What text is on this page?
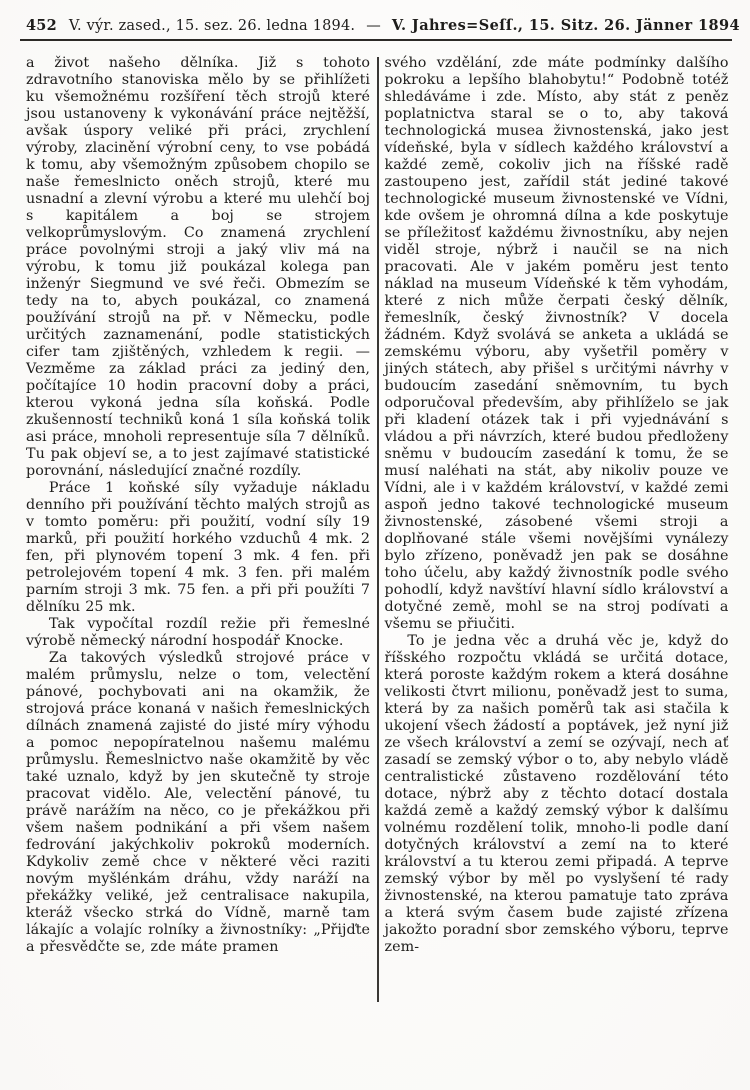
452 V. výr. zased., 15. sez. 26. ledna 1894. — V. Jahres=Seſſ., 15. Sitz. 26. Jänner 1894

a život našeho dělníka. Již s tohoto zdravotního stanoviska mělo by se přihlížeti ku všemožnému rozšíření těch strojů které jsou ustanoveny k vykonávání práce nejtěžší, avšak úspory veliké při práci, zrychlení výroby, zlacinění výrobní ceny, to vse pobádá k tomu, aby všemožným způsobem chopilo se naše řemeslnicto oněch strojů, které mu usnadní a zlevní výrobu a které mu ulehčí boj s kapitálem a boj se strojem velkoprůmyslovým. Co znamená zrychlení práce povolnými stroji a jaký vliv má na výrobu, k tomu již poukázal kolega pan inženýr Siegmund ve své řeči. Obmezím se tedy na to, abych poukázal, co znamená používání strojů na př. v Německu, podle určitých zaznamenání, podle statistických cifer tam zjištěných, vzhledem k regii. — Vezměme za základ práci za jediný den, počítajíce 10 hodin pracovní doby a práci, kterou vykoná jedna síla koňská. Podle zkušenností techniků koná 1 síla koňská tolik asi práce, mnoholi representuje síla 7 dělníků. Tu pak objeví se, a to jest zajímavé statistické porovnání, následující značné rozdíly.

Práce 1 koňské síly vyžaduje nákladu denního při používání těchto malých strojů as v tomto poměru: při použití, vodní síly 19 marků, při použití horkého vzduchů 4 mk. 2 fen, při plynovém topení 3 mk. 4 fen. při petrolejovém topení 4 mk. 3 fen. při malém parním stroji 3 mk. 75 fen. a při při použíti 7 dělníku 25 mk.

Tak vypočítal rozdíl režie při řemeslné výrobě německý národní hospodář Knocke.

Za takových výsledků strojové práce v malém průmyslu, nelze o tom, velectění pánové, pochybovati ani na okamžik, že strojová práce konaná v našich řemeslnických dílnách znamená zajisté do jisté míry výhodu a pomoc nepopíratelnou našemu malému průmyslu. Řemeslnictvo naše okamžitě by věc také uznalo, když by jen skutečně ty stroje pracovat vidělo. Ale, velectění pánové, tu právě narážím na něco, co je překážkou při všem našem podnikání a při všem našem fedrování jakýchkoliv pokroků moderních. Kdykoliv země chce v některé věci raziti novým myšlénkám dráhu, vždy naráží na překážky veliké, jež centralisace nakupila, kteráž všecko strká do Vídně, marně tam lákajíc a volajíc rolníky a živnostníky: „Přijďte a přesvědčte se, zde máte pramen

svého vzdělání, zde máte podmínky dalšího pokroku a lepšího blahobytu!“ Podobně totéž shledáváme i zde. Místo, aby stát z peněz poplatnictva staral se o to, aby taková technologická musea živnostenská, jako jest vídeňské, byla v sídlech každého království a každé země, cokoliv jich na říšské radě zastoupeno jest, zařídil stát jediné takové technologické museum živnostenské ve Vídni, kde ovšem je ohromná dílna a kde poskytuje se příležitosť každému živnostníku, aby nejen viděl stroje, nýbrž i naučil se na nich pracovati. Ale v jakém poměru jest tento náklad na museum Vídeňské k těm vyhodám, které z nich může čerpati český dělník, řemeslník, český živnostník? V docela žádném. Když svolává se anketa a ukládá se zemskému výboru, aby vyšetřil poměry v jiných státech, aby přišel s určitými návrhy v budoucím zasedání sněmovním, tu bych odporučoval především, aby přihlíželo se jak při kladení otázek tak i při vyjednávání s vládou a při návrzích, které budou předloženy sněmu v budoucím zasedání k tomu, že se musí naléhati na stát, aby nikoliv pouze ve Vídni, ale i v každém království, v každé zemi aspoň jedno takové technologické museum živnostenské, zásobené všemi stroji a doplňované stále všemi novějšími vynálezy bylo zřízeno, poněvadž jen pak se dosáhne toho účelu, aby každý živnostník podle svého pohodlí, když navštíví hlavní sídlo království a dotyčné země, mohl se na stroj podívati a všemu se přiučiti.

To je jedna věc a druhá věc je, když do říšského rozpočtu vkládá se určitá dotace, která poroste každým rokem a která dosáhne velikosti čtvrt milionu, poněvadž jest to suma, která by za našich poměrů tak asi stačila k ukojení všech žádostí a poptávek, jež nyní již ze všech království a zemí se ozývají, nech ať zasadí se zemský výbor o to, aby nebylo vládě centralistické zůstaveno rozdělování této dotace, nýbrž aby z těchto dotací dostala každá země a každý zemský výbor k dalšímu volnému rozdělení tolik, mnoho-li podle daní dotyčných království a zemí na to které království a tu kterou zemi připadá. A teprve zemský výbor by měl po vyslyšení té rady živnostenské, na kterou pamatuje tato zpráva a která svým časem bude zajisté zřízena jakožto poradní sbor zemského výboru, teprve zem-
